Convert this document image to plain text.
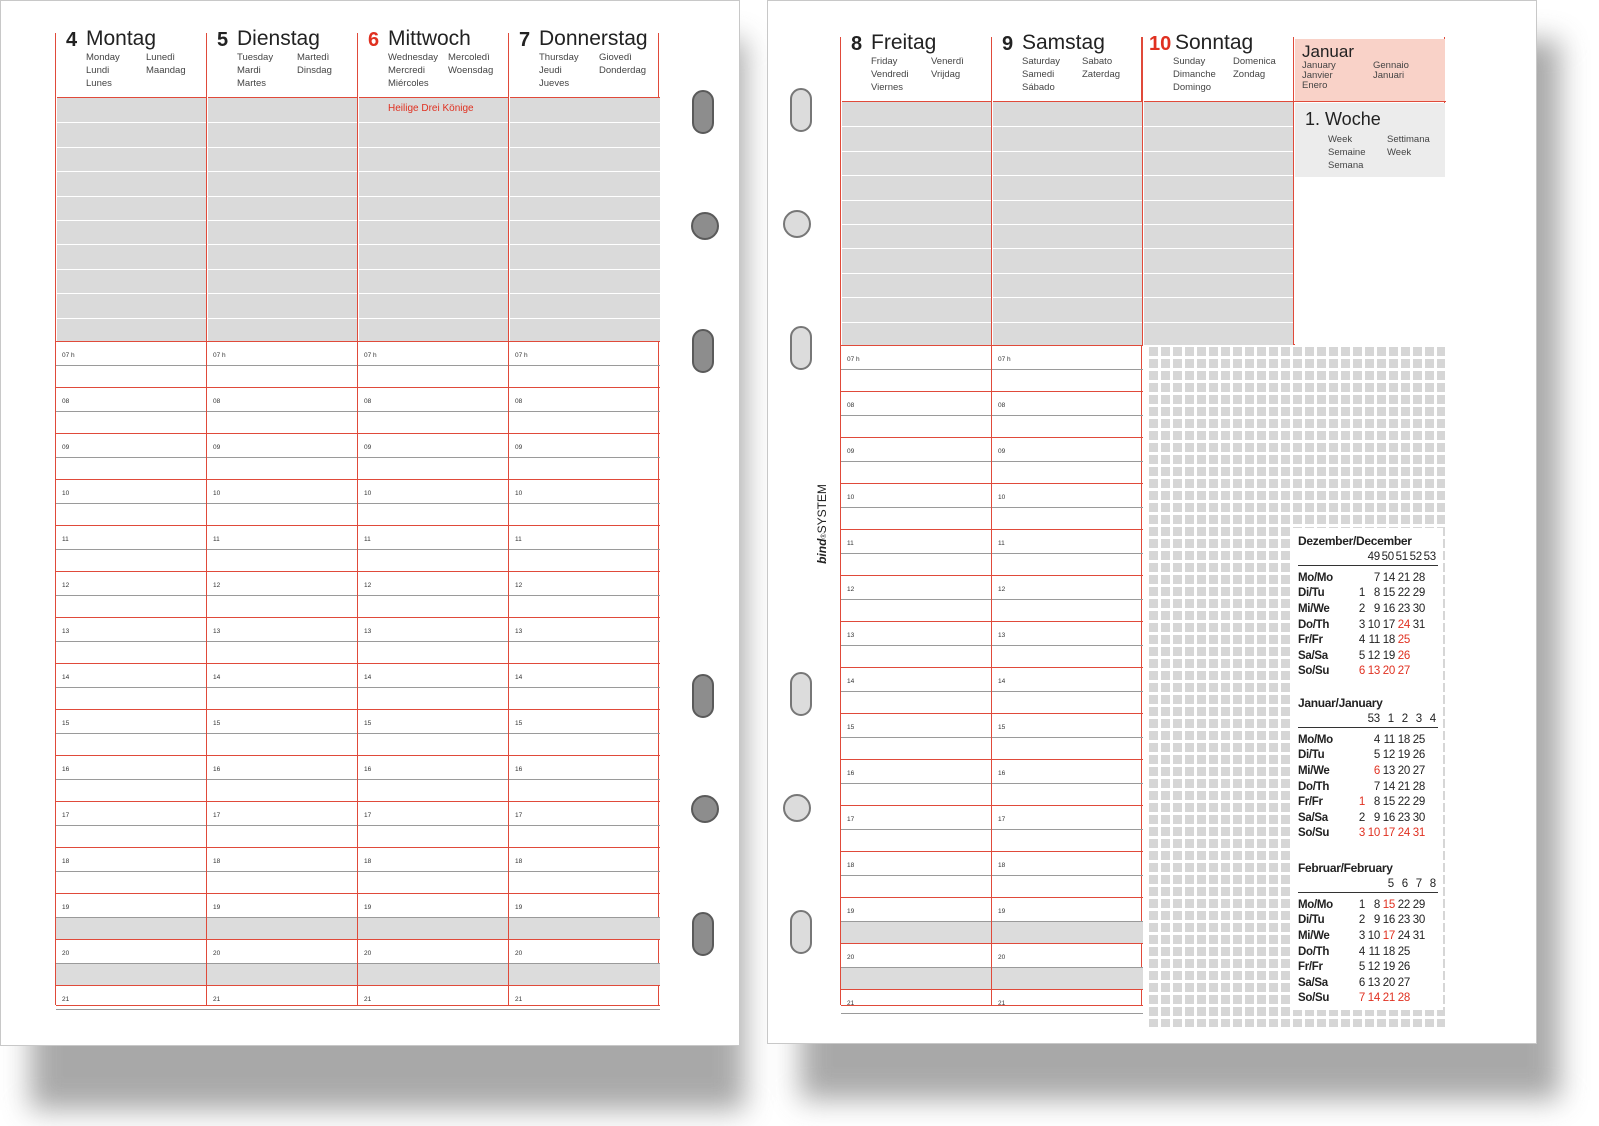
4 Montag
Monday
Lundi
Lunes
Lunedì
Maandag
07 h
08
09
10
11
12
13
14
15
16
17
18
19
20
21
5 Dienstag
Tuesday
Mardi
Martes
Martedì
Dinsdag
07 h
08
09
10
11
12
13
14
15
16
17
18
19
20
21
6 Mittwoch
Wednesday
Mercredi
Miércoles
Mercoledì
Woensdag
Heilige Drei Könige
07 h
08
09
10
11
12
13
14
15
16
17
18
19
20
21
7 Donnerstag
Thursday
Jeudi
Jueves
Giovedì
Donderdag
07 h
08
09
10
11
12
13
14
15
16
17
18
19
20
21
bind®SYSTEM
8 Freitag
Friday
Vendredi
Viernes
Venerdì
Vrijdag
07 h
08
09
10
11
12
13
14
15
16
17
18
19
20
21
9 Samstag
Saturday
Samedi
Sábado
Sabato
Zaterdag
07 h
08
09
10
11
12
13
14
15
16
17
18
19
20
21
10 Sonntag
Sunday
Dimanche
Domingo
Domenica
Zondag
Januar
January
Janvier
Enero
Gennaio
Januari
1. Woche
Week
Semaine
Semana
Settimana
Week
Dezember/December
49 50 51 52 53
Mo/Mo		7	14	21	28
Di/Tu	1	8	15	22	29
Mi/We	2	9	16	23	30
Do/Th	3	10	17	24	31
Fr/Fr	4	11	18	25	
Sa/Sa	5	12	19	26	
So/Su	6	13	20	27	
Januar/January
53 1 2 3 4
Mo/Mo		4	11	18	25
Di/Tu		5	12	19	26
Mi/We		6	13	20	27
Do/Th		7	14	21	28
Fr/Fr	1	8	15	22	29
Sa/Sa	2	9	16	23	30
So/Su	3	10	17	24	31
Februar/February
5 6 7 8
Mo/Mo	1	8	15	22	29
Di/Tu	2	9	16	23	30
Mi/We	3	10	17	24	31
Do/Th	4	11	18	25	
Fr/Fr	5	12	19	26	
Sa/Sa	6	13	20	27	
So/Su	7	14	21	28	
